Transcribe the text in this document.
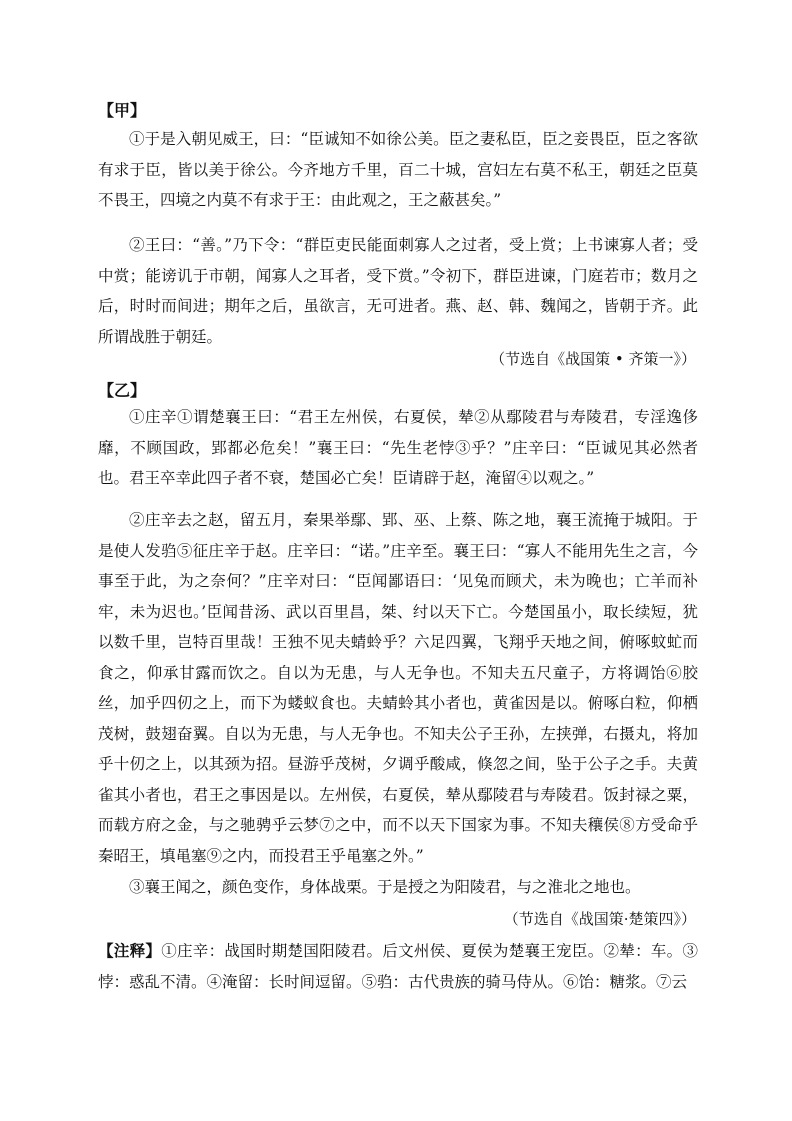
【甲】

①于是入朝见威王，曰：“臣诚知不如徐公美。臣之妻私臣，臣之妾畏臣，臣之客欲有求于臣，皆以美于徐公。今齐地方千里，百二十城，宫妇左右莫不私王，朝廷之臣莫不畏王，四境之内莫不有求于王：由此观之，王之蔽甚矣。”

②王曰：“善。”乃下令：“群臣吏民能面刺寡人之过者，受上赏；上书谏寡人者；受中赏；能谤讥于市朝，闻寡人之耳者，受下赏。”令初下，群臣进谏，门庭若市；数月之后，时时而间进；期年之后，虽欲言，无可进者。燕、赵、韩、魏闻之，皆朝于齐。此所谓战胜于朝廷。

（节选自《战国策 • 齐策一》）
【乙】

①庄辛①谓楚襄王曰：“君王左州侯，右夏侯，辇②从鄢陵君与寿陵君，专淫逸侈靡，不顾国政，郢都必危矣！”襄王曰：“先生老悖③乎？”庄辛曰：“臣诚见其必然者也。君王卒幸此四子者不衰，楚国必亡矣！臣请辟于赵，淹留④以观之。”

②庄辛去之赵，留五月，秦果举鄢、郢、巫、上蔡、陈之地，襄王流掩于城阳。于是使人发驺⑤征庄辛于赵。庄辛曰：“诺。”庄辛至。襄王曰：“寡人不能用先生之言，今事至于此，为之奈何？”庄辛对曰：“臣闻鄙语曰：‘见兔而顾犬，未为晚也；亡羊而补牢，未为迟也。’臣闻昔汤、武以百里昌，桀、纣以天下亡。今楚国虽小，取长续短，犹以数千里，岂特百里哉！王独不见夫蜻蛉乎？六足四翼，飞翔乎天地之间，俯啄蚊虻而食之，仰承甘露而饮之。自以为无患，与人无争也。不知夫五尺童子，方将调饴⑥胶丝，加乎四仞之上，而下为蝼蚁食也。夫蜻蛉其小者也，黄雀因是以。俯啄白粒，仰栖茂树，鼓翅奋翼。自以为无患，与人无争也。不知夫公子王孙，左挟弹，右摄丸，将加乎十仞之上，以其颈为招。昼游乎茂树，夕调乎酸咸，倏忽之间，坠于公子之手。夫黄雀其小者也，君王之事因是以。左州侯，右夏侯，辇从鄢陵君与寿陵君。饭封禄之粟，而载方府之金，与之驰骋乎云梦⑦之中，而不以天下国家为事。不知夫穰侯⑧方受命乎秦昭王，填黾塞⑨之内，而投君王乎黾塞之外。”

③襄王闻之，颜色变作，身体战栗。于是授之为阳陵君，与之淮北之地也。

（节选自《战国策·楚策四》）

【注释】①庄辛：战国时期楚国阳陵君。后文州侯、夏侯为楚襄王宠臣。②辇：车。③悖：惑乱不清。④淹留：长时间逗留。⑤驺：古代贵族的骑马侍从。⑥饴：糖浆。⑦云
